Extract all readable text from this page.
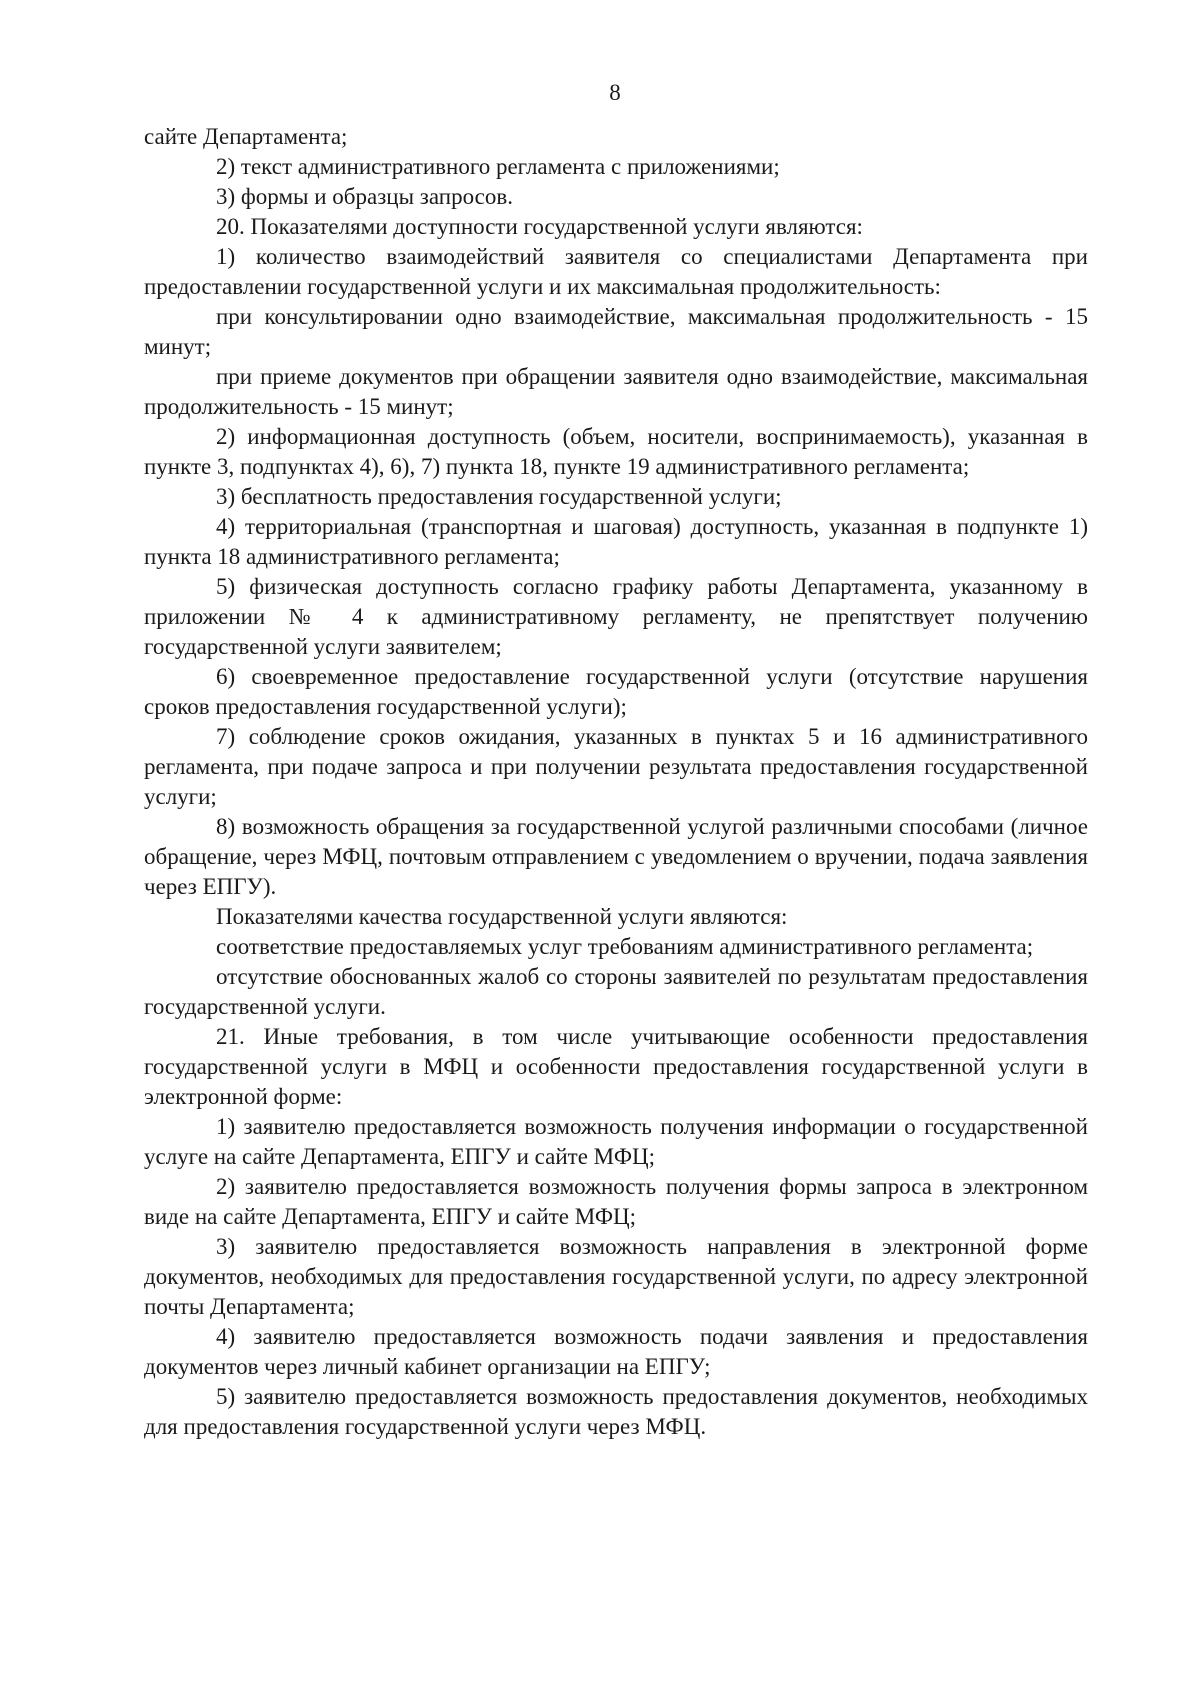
8

сайте Департамента;

2) текст административного регламента с приложениями;

3) формы и образцы запросов.

20. Показателями доступности государственной услуги являются:

1) количество взаимодействий заявителя со специалистами Департамента при предоставлении государственной услуги и их максимальная продолжительность:

при консультировании одно взаимодействие, максимальная продолжительность - 15 минут;

при приеме документов при обращении заявителя одно взаимодействие, максимальная продолжительность - 15 минут;

2) информационная доступность (объем, носители, воспринимаемость), указанная в пункте 3, подпунктах 4), 6), 7) пункта 18, пункте 19 административного регламента;

3) бесплатность предоставления государственной услуги;

4) территориальная (транспортная и шаговая) доступность, указанная в подпункте 1) пункта 18 административного регламента;

5) физическая доступность согласно графику работы Департамента, указанному в приложении № 4 к административному регламенту, не препятствует получению государственной услуги заявителем;

6) своевременное предоставление государственной услуги (отсутствие нарушения сроков предоставления государственной услуги);

7) соблюдение сроков ожидания, указанных в пунктах 5 и 16 административного регламента, при подаче запроса и при получении результата предоставления государственной услуги;

8) возможность обращения за государственной услугой различными способами (личное обращение, через МФЦ, почтовым отправлением с уведомлением о вручении, подача заявления через ЕПГУ).

Показателями качества государственной услуги являются:

соответствие предоставляемых услуг требованиям административного регламента;

отсутствие обоснованных жалоб со стороны заявителей по результатам предоставления государственной услуги.

21. Иные требования, в том числе учитывающие особенности предоставления государственной услуги в МФЦ и особенности предоставления государственной услуги в электронной форме:

1) заявителю предоставляется возможность получения информации о государственной услуге на сайте Департамента, ЕПГУ и сайте МФЦ;

2) заявителю предоставляется возможность получения формы запроса в электронном виде на сайте Департамента, ЕПГУ и сайте МФЦ;

3) заявителю предоставляется возможность направления в электронной форме документов, необходимых для предоставления государственной услуги, по адресу электронной почты Департамента;

4) заявителю предоставляется возможность подачи заявления и предоставления документов через личный кабинет организации на ЕПГУ;

5) заявителю предоставляется возможность предоставления документов, необходимых для предоставления государственной услуги через МФЦ.
